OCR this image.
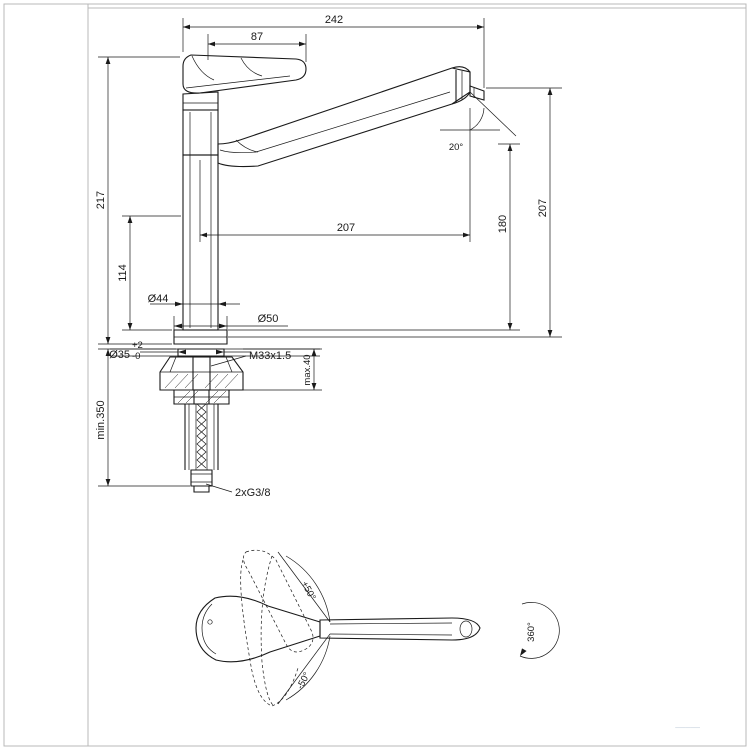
242
87
217
114
min.350
207	180
207
20°
Ø44
Ø50
Ø35
+2
-0	M33x1.5 max.40
2xG3/8
+50°
-50°
360°
─────
